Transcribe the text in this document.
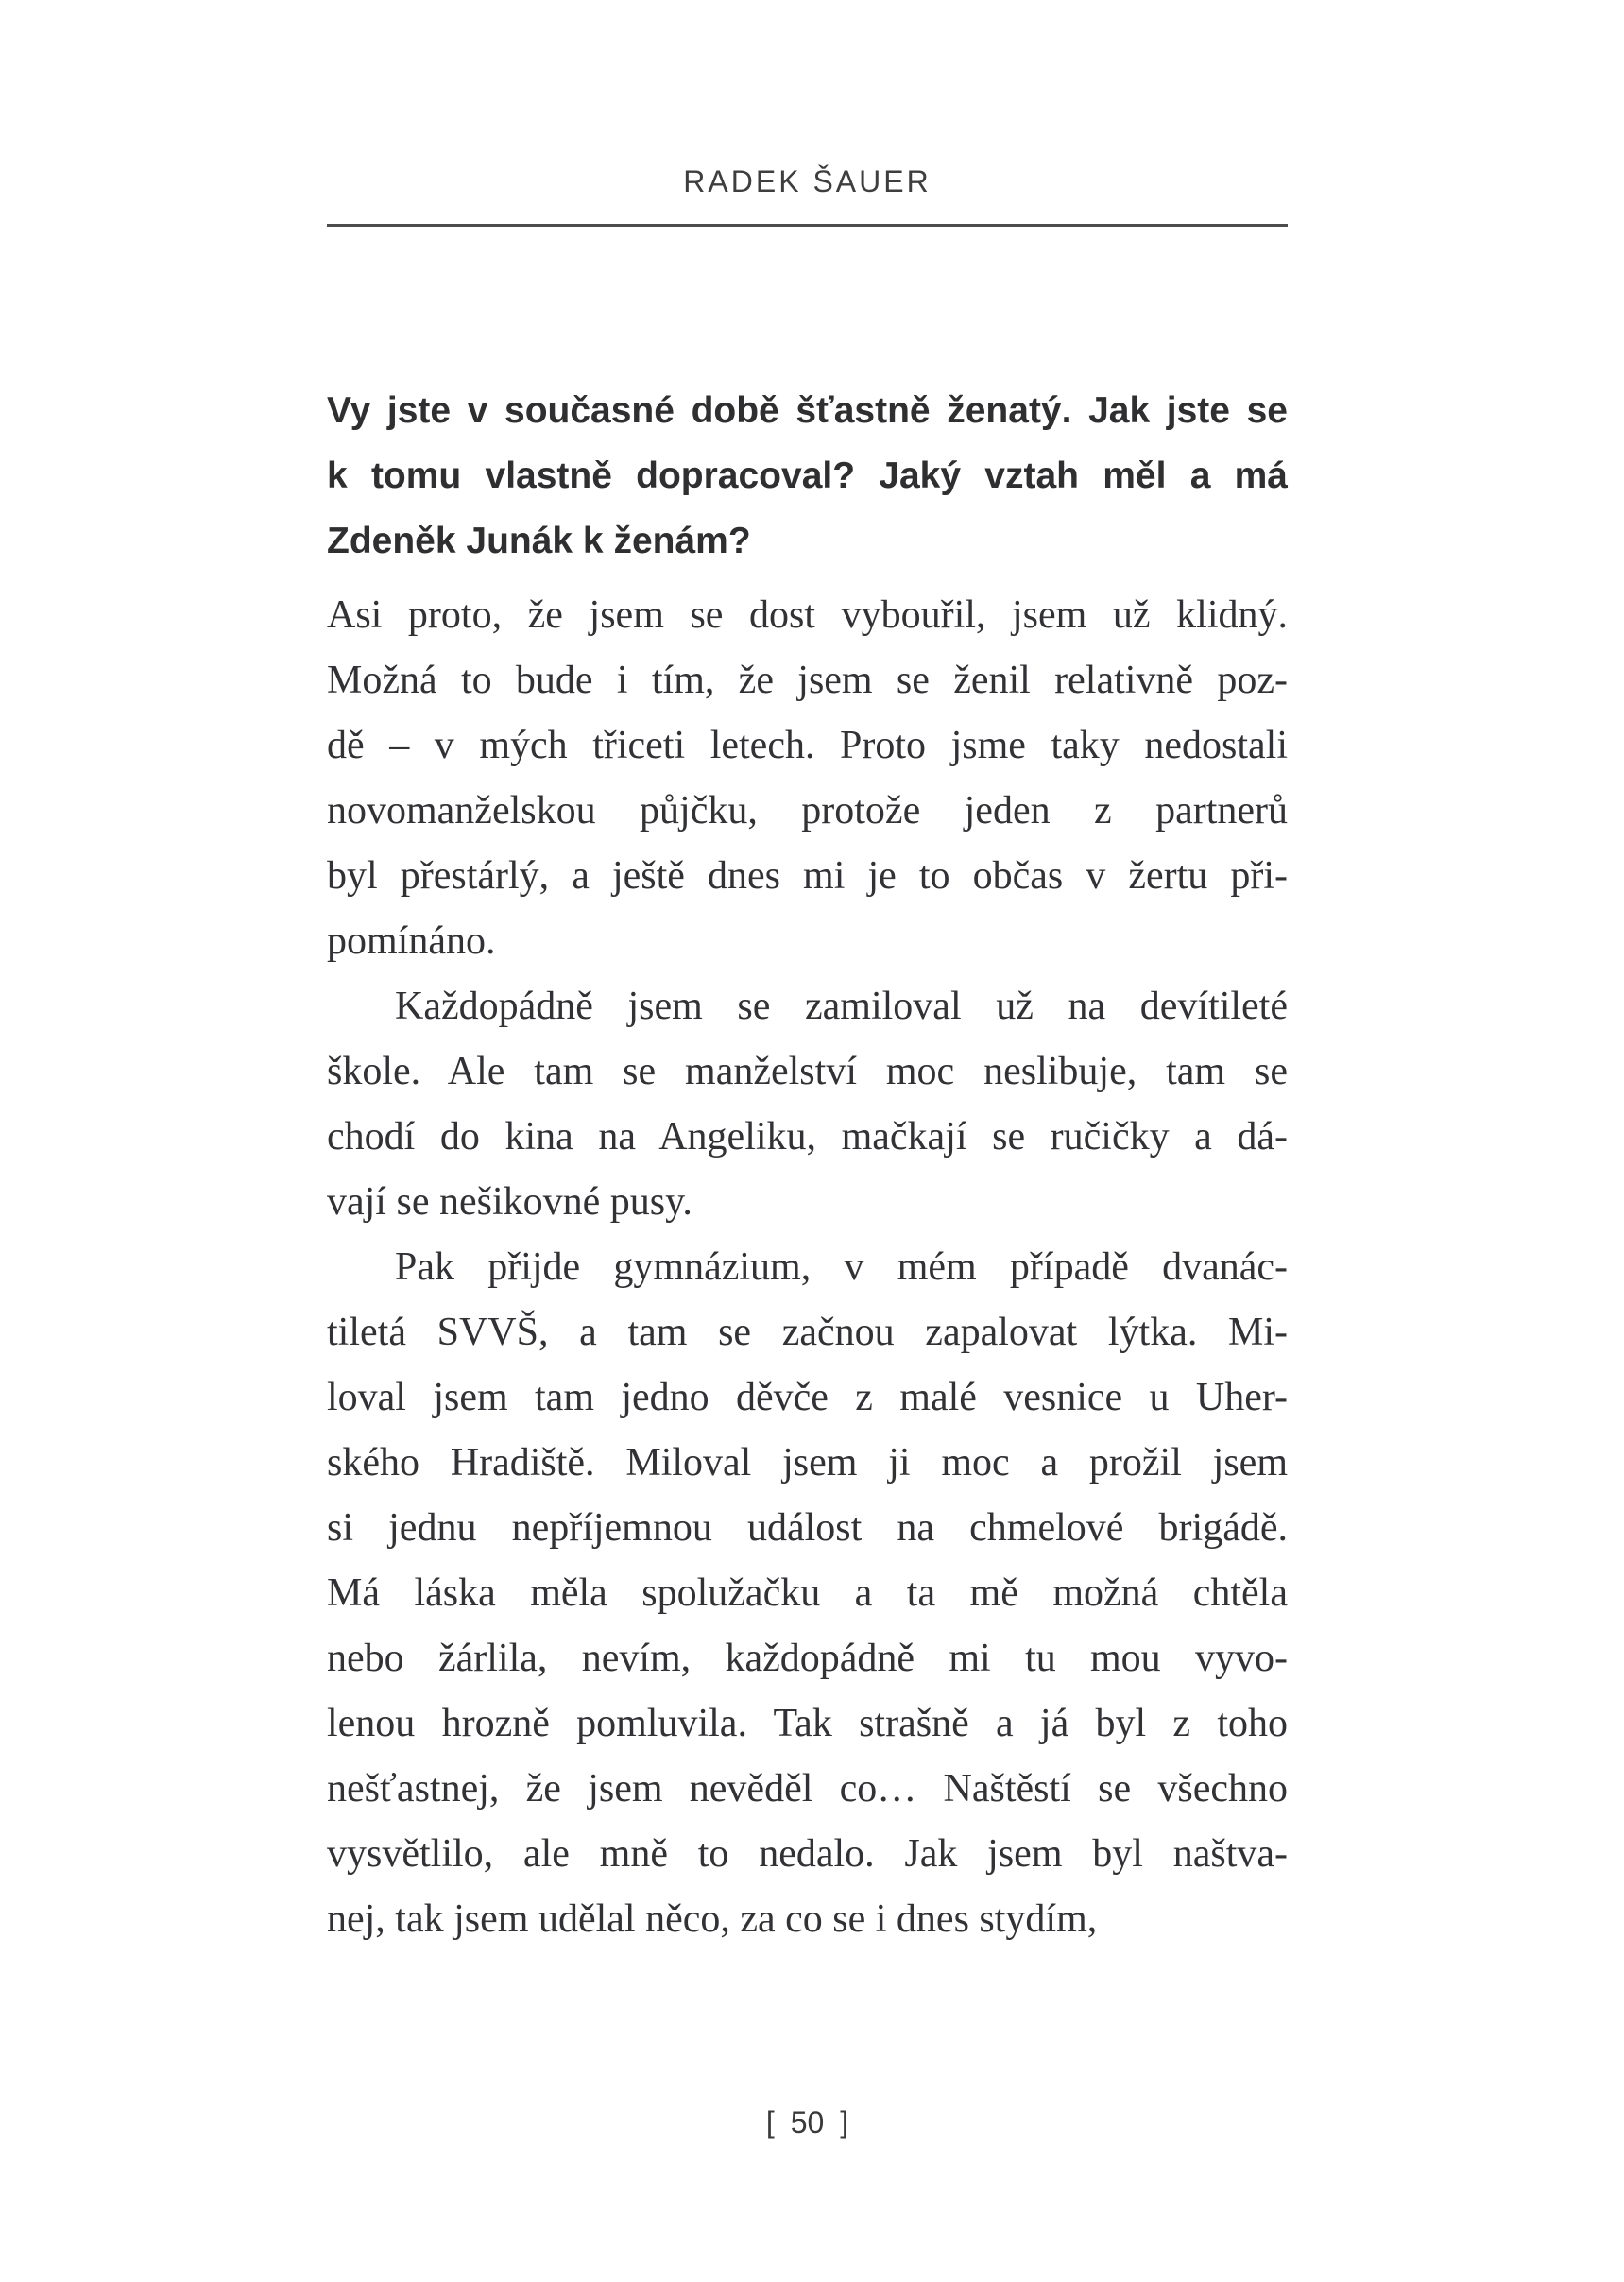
RADEK ŠAUER
Vy jste v současné době šťastně ženatý. Jak jste se
k tomu vlastně dopracoval? Jaký vztah měl a má
Zdeněk Junák k ženám?
Asi proto, že jsem se dost vybouřil, jsem už klidný.
Možná to bude i tím, že jsem se ženil relativně poz-
dě – v mých třiceti letech. Proto jsme taky nedostali
novomanželskou půjčku, protože jeden z partnerů
byl přestárlý, a ještě dnes mi je to občas v žertu při-
pomínáno.
Každopádně jsem se zamiloval už na devítileté
škole. Ale tam se manželství moc neslibuje, tam se
chodí do kina na Angeliku, mačkají se ručičky a dá-
vají se nešikovné pusy.
Pak přijde gymnázium, v mém případě dvanác-
tiletá SVVŠ, a tam se začnou zapalovat lýtka. Mi-
loval jsem tam jedno děvče z malé vesnice u Uher-
ského Hradiště. Miloval jsem ji moc a prožil jsem
si jednu nepříjemnou událost na chmelové brigádě.
Má láska měla spolužačku a ta mě možná chtěla
nebo žárlila, nevím, každopádně mi tu mou vyvo-
lenou hrozně pomluvila. Tak strašně a já byl z toho
nešťastnej, že jsem nevěděl co… Naštěstí se všechno
vysvětlilo, ale mně to nedalo. Jak jsem byl naštva-
nej, tak jsem udělal něco, za co se i dnes stydím,
[ 50 ]
